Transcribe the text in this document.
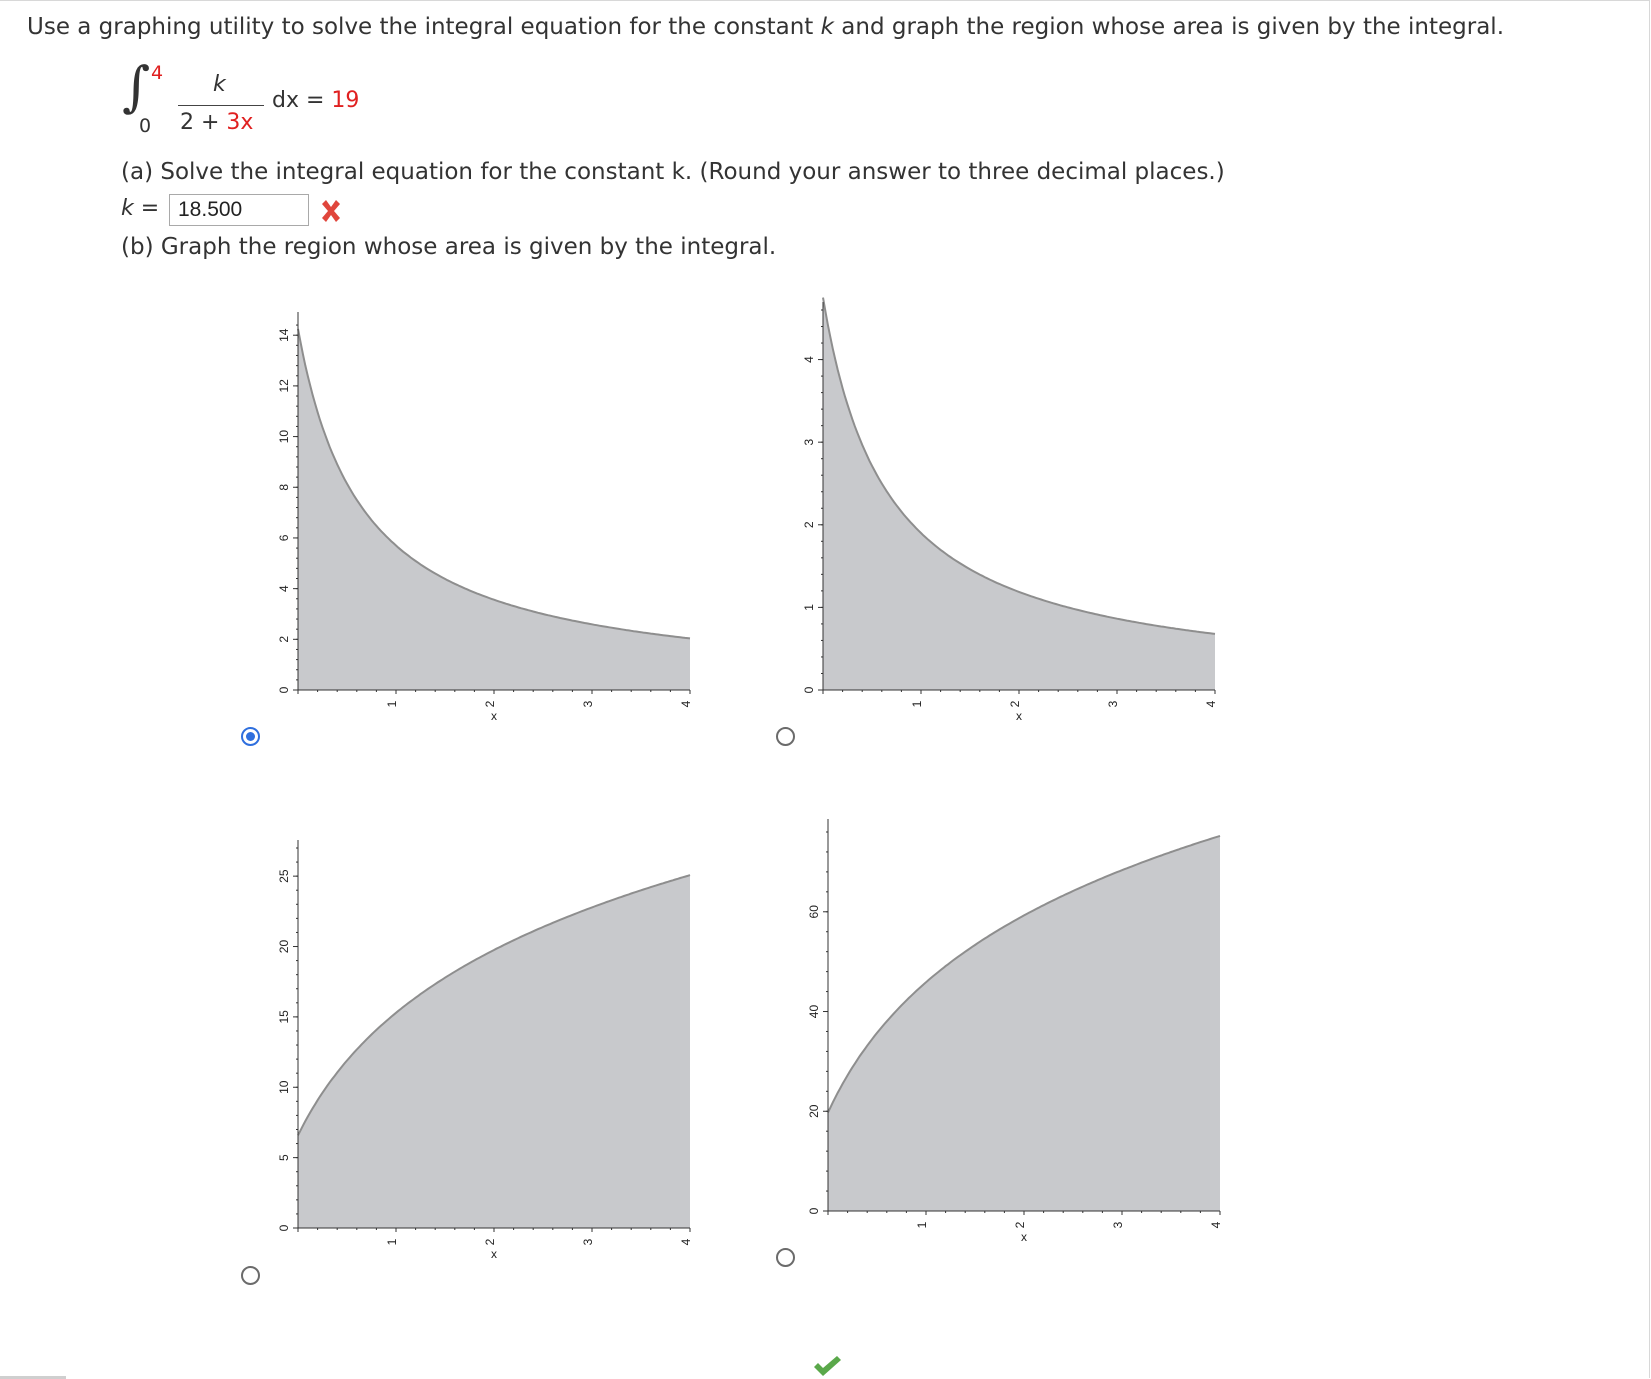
Use a graphing utility to solve the integral equation for the constant k and graph the region whose area is given by the integral.
∫ 4
0
k
2 + 3x
dx = 19
(a) Solve the integral equation for the constant k. (Round your answer to three decimal places.)
k = 18.500
(b) Graph the region whose area is given by the integral.
1	2	3	4
x
0
2
4
6
8
10
12
14
1	2	3	4
x
0
1
2
3
4
1	2	3	4
x
0
5
10
15
20
25
1	2	3	4
x
0
20
40
60
